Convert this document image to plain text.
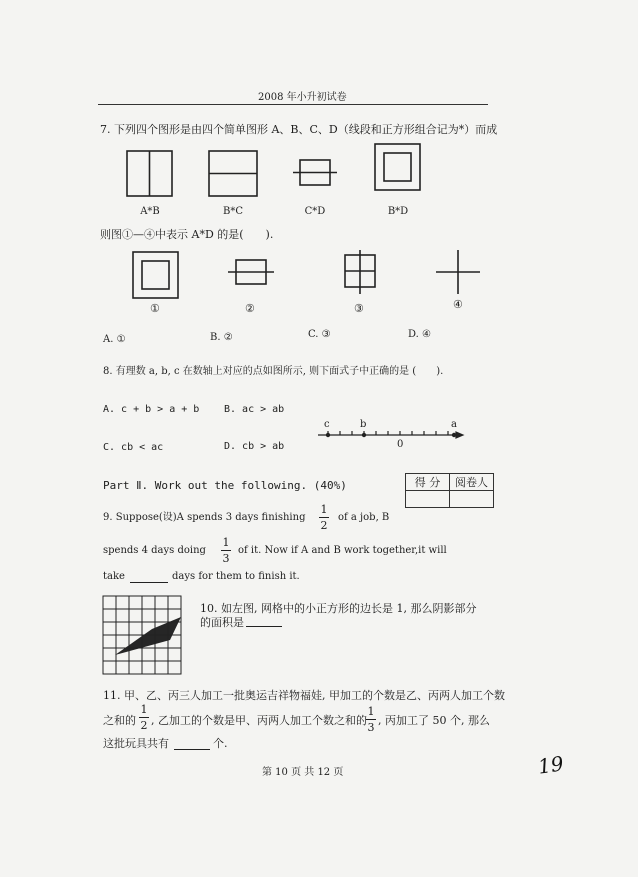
2008 年小升初试卷
7. 下列四个图形是由四个简单图形 A、B、C、D（线段和正方形组合记为*）而成
A*B	B*C	C*D	B*D
则图①—④中表示 A*D 的是(　　).
①	②	③	④
A. ①	B. ②	C. ③	D. ④
8. 有理数 a, b, c 在数轴上对应的点如图所示, 则下面式子中正确的是 (　　).
A. c + b > a + b B. ac > ab
C. cb < ac	D. cb > ab
c	b
0
a
Part Ⅱ. Work out the following. (40%)	得 分	阅卷人

9. Suppose(设)A spends 3 days finishing
1
2
of a job, B
spends 4 days doing
1
3
of it. Now if A and B work together,it will
take	days for them to finish it.
10. 如左图, 网格中的小正方形的边长是 1, 那么阴影部分
的面积是
11. 甲、乙、丙三人加工一批奥运吉祥物福娃, 甲加工的个数是乙、丙两人加工个数
之和的
1
2 , 乙加工的个数是甲、丙两人加工个数之和的
1
3
, 丙加工了 50 个, 那么
这批玩具共有	个.
第 10 页 共 12 页	19
